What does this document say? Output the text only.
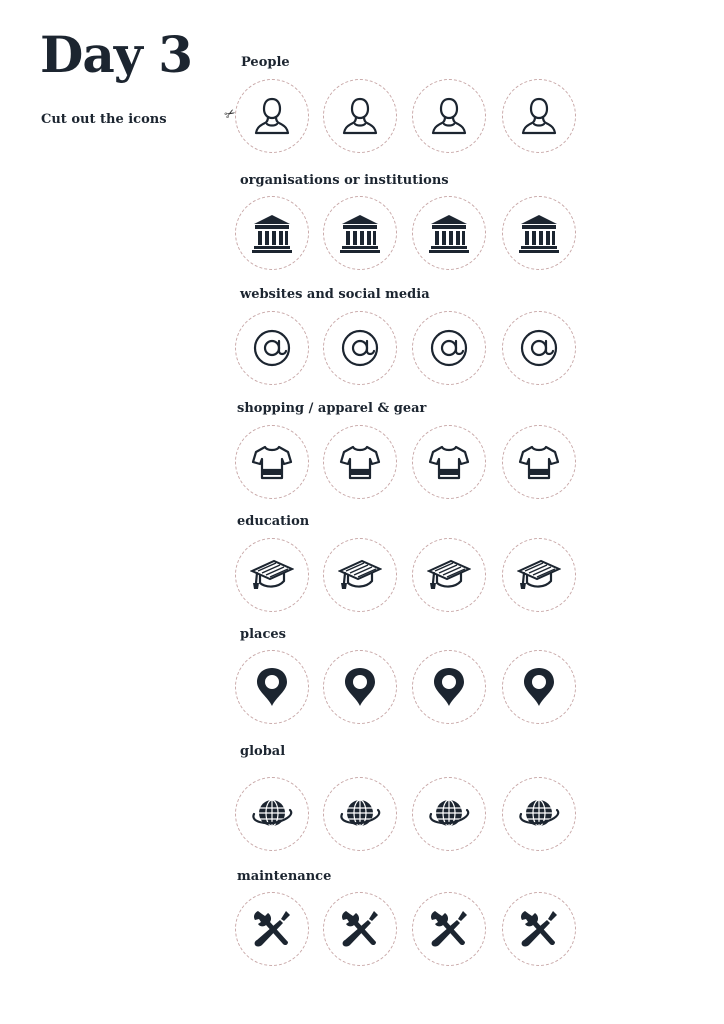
Day 3
Cut out the icons	✂
People
organisations or institutions
websites and social media
shopping / apparel & gear
education
places
global
maintenance
